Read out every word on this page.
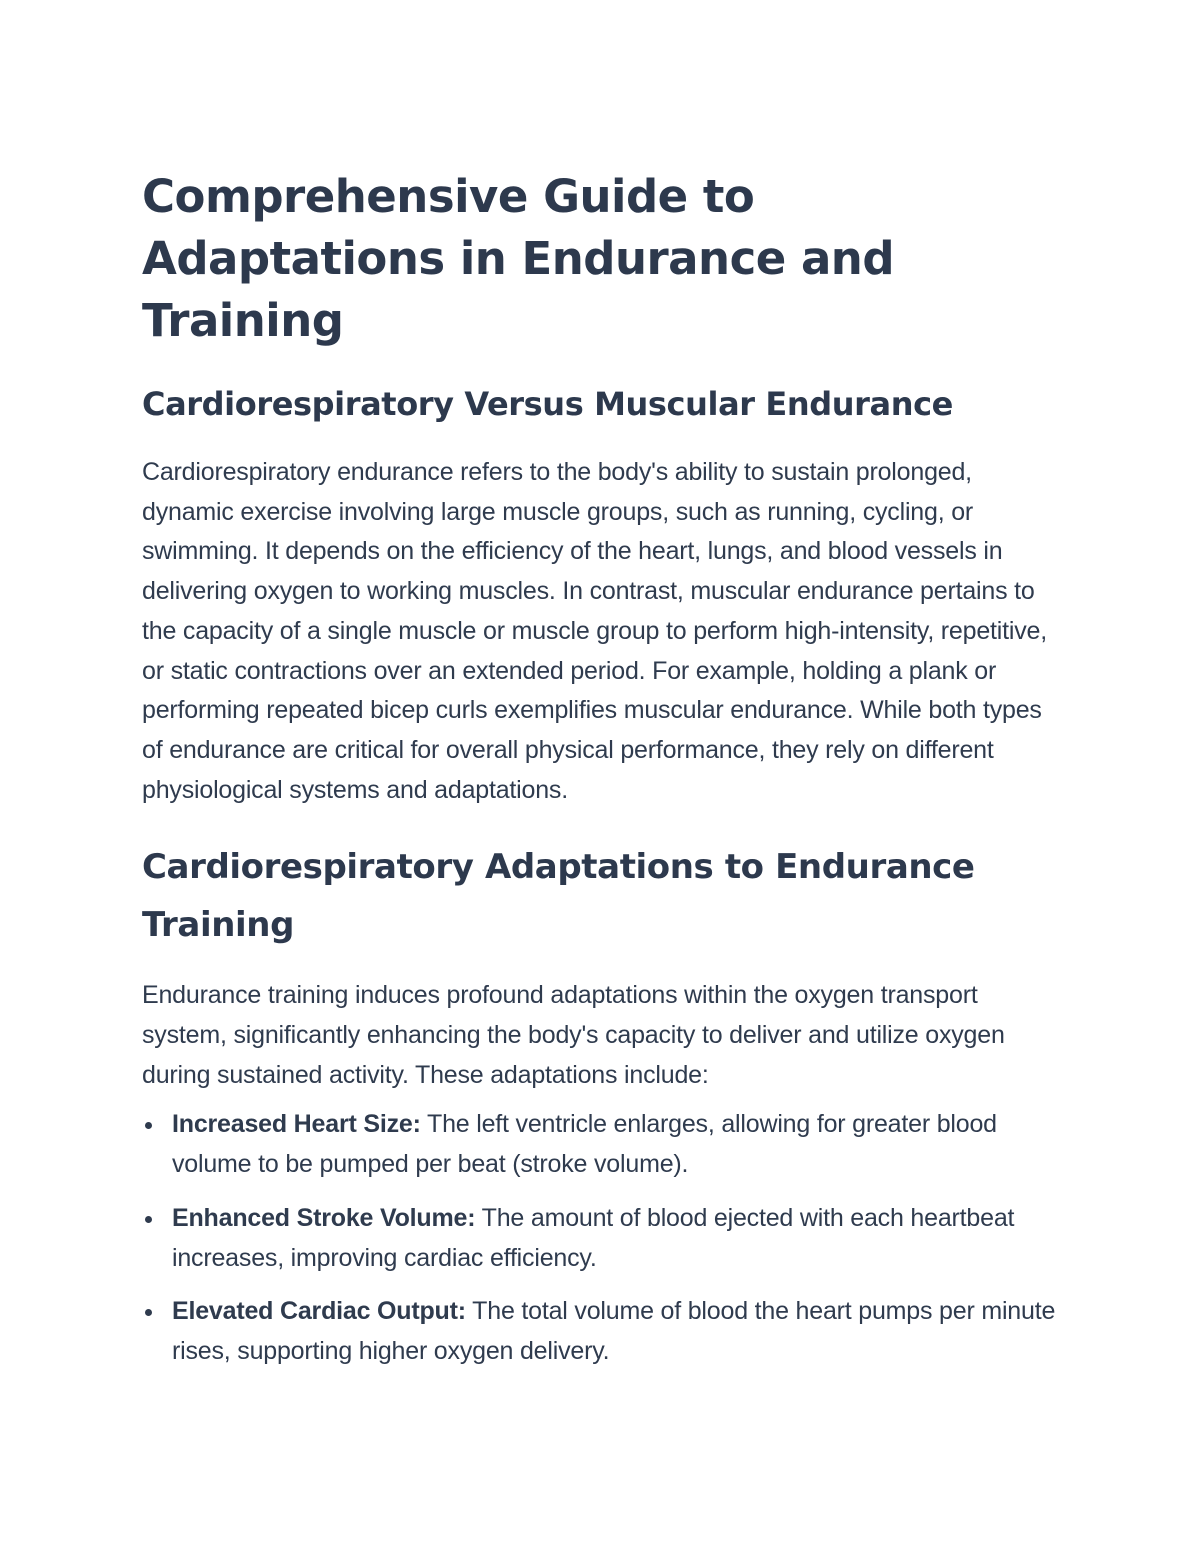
Comprehensive Guide to Adaptations in Endurance and Training
Cardiorespiratory Versus Muscular Endurance

Cardiorespiratory endurance refers to the body's ability to sustain prolonged, dynamic exercise involving large muscle groups, such as running, cycling, or swimming. It depends on the efficiency of the heart, lungs, and blood vessels in delivering oxygen to working muscles. In contrast, muscular endurance pertains to the capacity of a single muscle or muscle group to perform high-intensity, repetitive, or static contractions over an extended period. For example, holding a plank or performing repeated bicep curls exemplifies muscular endurance. While both types of endurance are critical for overall physical performance, they rely on different physiological systems and adaptations.

Cardiorespiratory Adaptations to Endurance Training

Endurance training induces profound adaptations within the oxygen transport system, significantly enhancing the body's capacity to deliver and utilize oxygen during sustained activity. These adaptations include:

Increased Heart Size: The left ventricle enlarges, allowing for greater blood volume to be pumped per beat (stroke volume).
Enhanced Stroke Volume: The amount of blood ejected with each heartbeat increases, improving cardiac efficiency.
Elevated Cardiac Output: The total volume of blood the heart pumps per minute rises, supporting higher oxygen delivery.
